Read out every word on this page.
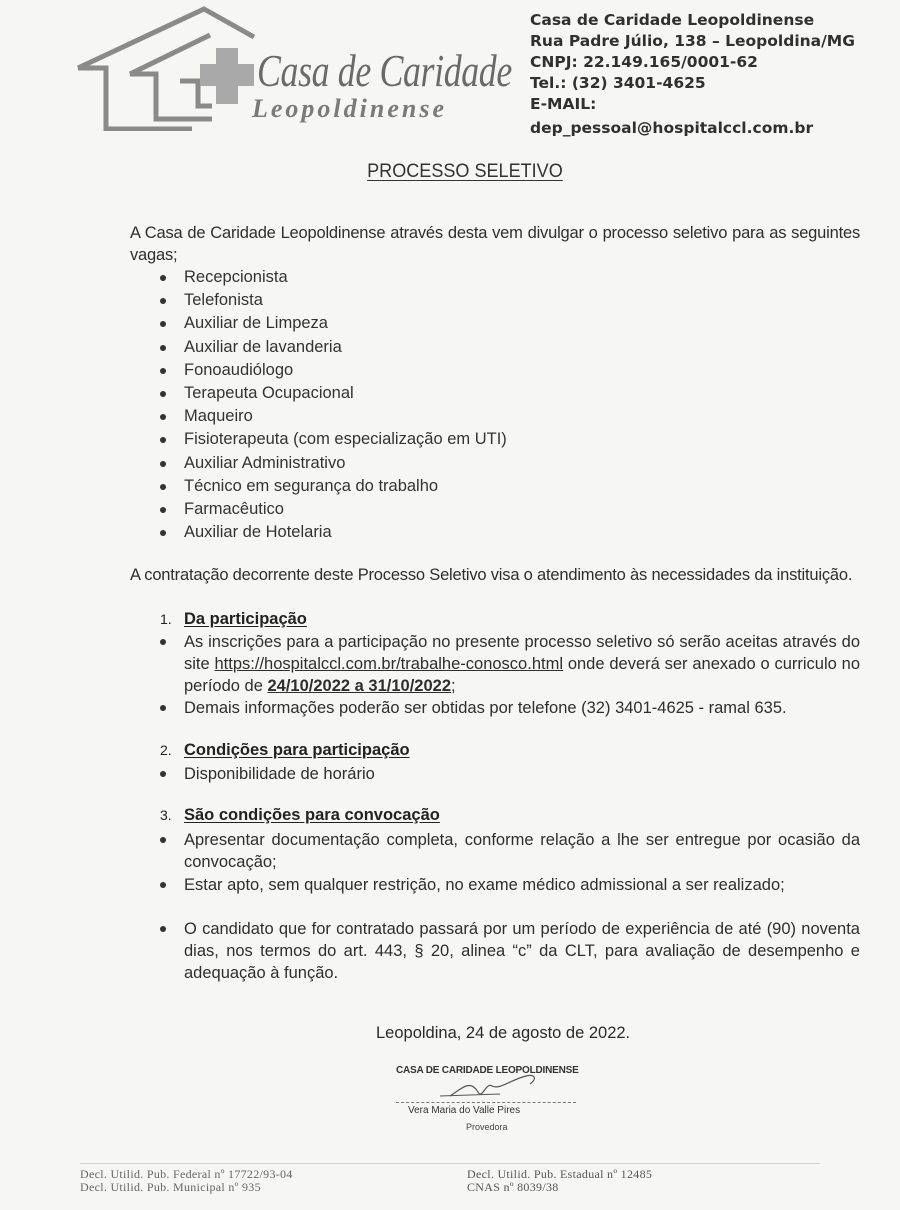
Casa de Caridade
Leopoldinense
Casa de Caridade Leopoldinense
Rua Padre Júlio, 138 – Leopoldina/MG
CNPJ: 22.149.165/0001-62
Tel.: (32) 3401-4625
E-MAIL:
dep_pessoal@hospitalccl.com.br
PROCESSO SELETIVO
A Casa de Caridade Leopoldinense através desta vem divulgar o processo seletivo para as seguintes vagas;
Recepcionista
Telefonista
Auxiliar de Limpeza
Auxiliar de lavanderia
Fonoaudiólogo
Terapeuta Ocupacional
Maqueiro
Fisioterapeuta (com especialização em UTI)
Auxiliar Administrativo
Técnico em segurança do trabalho
Farmacêutico
Auxiliar de Hotelaria
A contratação decorrente deste Processo Seletivo visa o atendimento às necessidades da instituição.
1. Da participação
As inscrições para a participação no presente processo seletivo só serão aceitas através do site https://hospitalccl.com.br/trabalhe-conosco.html onde deverá ser anexado o curriculo no período de 24/10/2022 a 31/10/2022;
Demais informações poderão ser obtidas por telefone (32) 3401-4625 - ramal 635.
2. Condições para participação
Disponibilidade de horário
3. São condições para convocação
Apresentar documentação completa, conforme relação a lhe ser entregue por ocasião da convocação;
Estar apto, sem qualquer restrição, no exame médico admissional a ser realizado;
O candidato que for contratado passará por um período de experiência de até (90) noventa dias, nos termos do art. 443, § 20, alinea “c” da CLT, para avaliação de desempenho e adequação à função.
Leopoldina, 24 de agosto de 2022.
CASA DE CARIDADE LEOPOLDINENSE
Vera Maria do Valle Pires
Provedora
Decl. Utilid. Pub. Federal nº 17722/93-04
Decl. Utilid. Pub. Municipal nº 935
Decl. Utilid. Pub. Estadual nº 12485
CNAS nº 8039/38
